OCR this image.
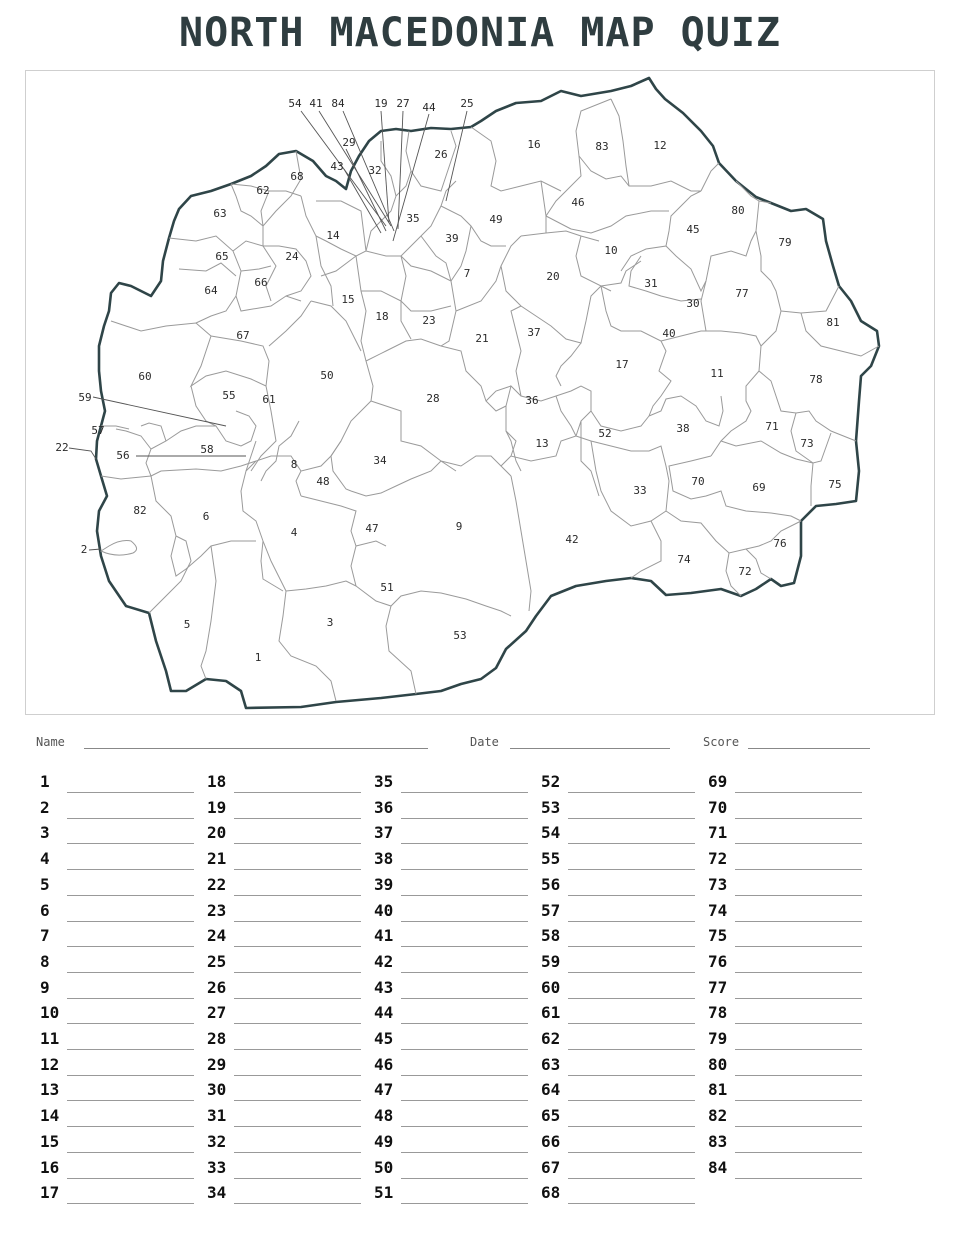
NORTH MACEDONIA MAP QUIZ
1
2
3
4
5
6
7
8
9
10
11
12
13
14
15
16
17
18
19
20
21
22
23
24
25
26
27
28
29
30
31
32
33
34
35
36
37
38
39
40
41
42
43
44
45
46
47
48
49
50
51
52
53
54
55
56
57
58
59
60
61
62
63
64
65
66
67
68
69
70
71
72
73
74
75
76
77
78
79
80
81
82
83
84
Name	Date	Score
1
2
3
4
5
6
7
8
9
10
11
12
13
14
15
16
17
18
19
20
21
22
23
24
25
26
27
28
29
30
31
32
33
34
35
36
37
38
39
40
41
42
43
44
45
46
47
48
49
50
51
52
53
54
55
56
57
58
59
60
61
62
63
64
65
66
67
68
69
70
71
72
73
74
75
76
77
78
79
80
81
82
83
84
